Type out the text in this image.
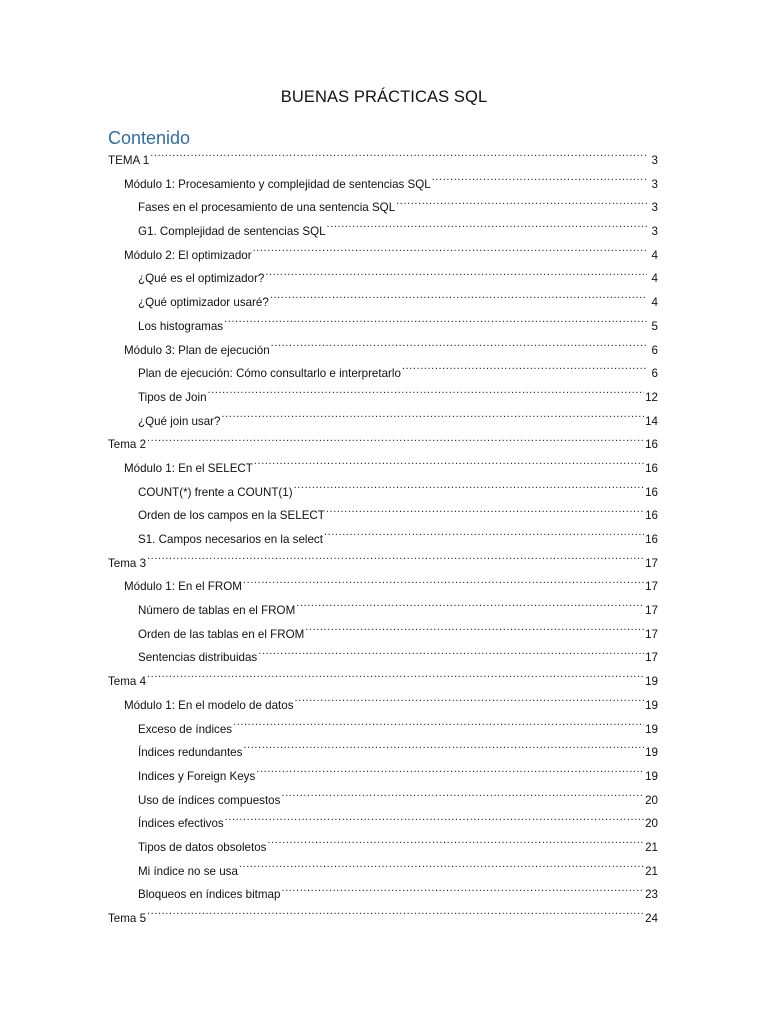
BUENAS PRÁCTICAS SQL
Contenido
TEMA 1 .....	3
Módulo 1: Procesamiento y complejidad de sentencias SQL .....	3
Fases en el procesamiento de una sentencia SQL .....	3
G1. Complejidad de sentencias SQL .....	3
Módulo 2: El optimizador .....	4
¿Qué es el optimizador? .....	4
¿Qué optimizador usaré? .....	4
Los histogramas .....	5
Módulo 3: Plan de ejecución .....	6
Plan de ejecución: Cómo consultarlo e interpretarlo .....	6
Tipos de Join .....	12
¿Qué join usar? .....	14
Tema 2 .....	16
Módulo 1: En el SELECT .....	16
COUNT(*) frente a COUNT(1) .....	16
Orden de los campos en la SELECT .....	16
S1. Campos necesarios en la select .....	16
Tema 3 .....	17
Módulo 1: En el FROM .....	17
Número de tablas en el FROM .....	17
Orden de las tablas en el FROM .....	17
Sentencias distribuidas .....	17
Tema 4 .....	19
Módulo 1: En el modelo de datos .....	19
Exceso de índices .....	19
Índices redundantes .....	19
Indices y Foreign Keys .....	19
Uso de índices compuestos .....	20
Índices efectivos .....	20
Tipos de datos obsoletos .....	21
Mi índice no se usa .....	21
Bloqueos en índices bitmap .....	23
Tema 5 .....	24
